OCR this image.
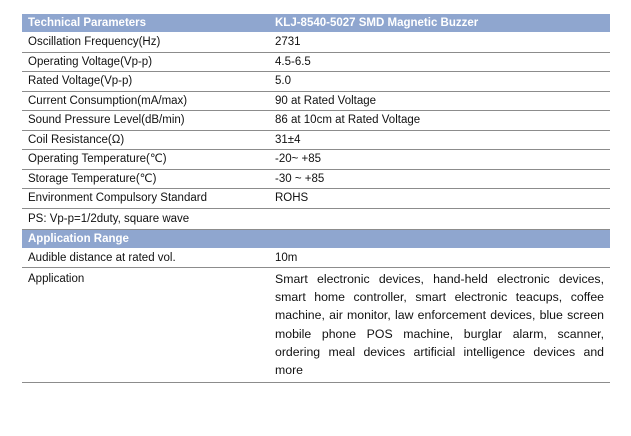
Technical Parameters	KLJ-8540-5027 SMD Magnetic Buzzer
Oscillation Frequency(Hz)	2731
Operating Voltage(Vp-p)	4.5-6.5
Rated Voltage(Vp-p)	5.0
Current Consumption(mA/max)	90 at Rated Voltage
Sound Pressure Level(dB/min)	86 at 10cm at Rated Voltage
Coil Resistance(Ω)	31±4
Operating Temperature(℃)	-20~ +85
Storage Temperature(℃)	-30 ~ +85
Environment Compulsory Standard	ROHS
PS: Vp-p=1/2duty, square wave
Application Range
Audible distance at rated vol.	10m
Application	Smart electronic devices, hand-held electronic devices, smart home controller, smart electronic teacups, coffee machine, air monitor, law enforcement devices, blue screen mobile phone POS machine, burglar alarm, scanner, ordering meal devices artificial intelligence devices and more
